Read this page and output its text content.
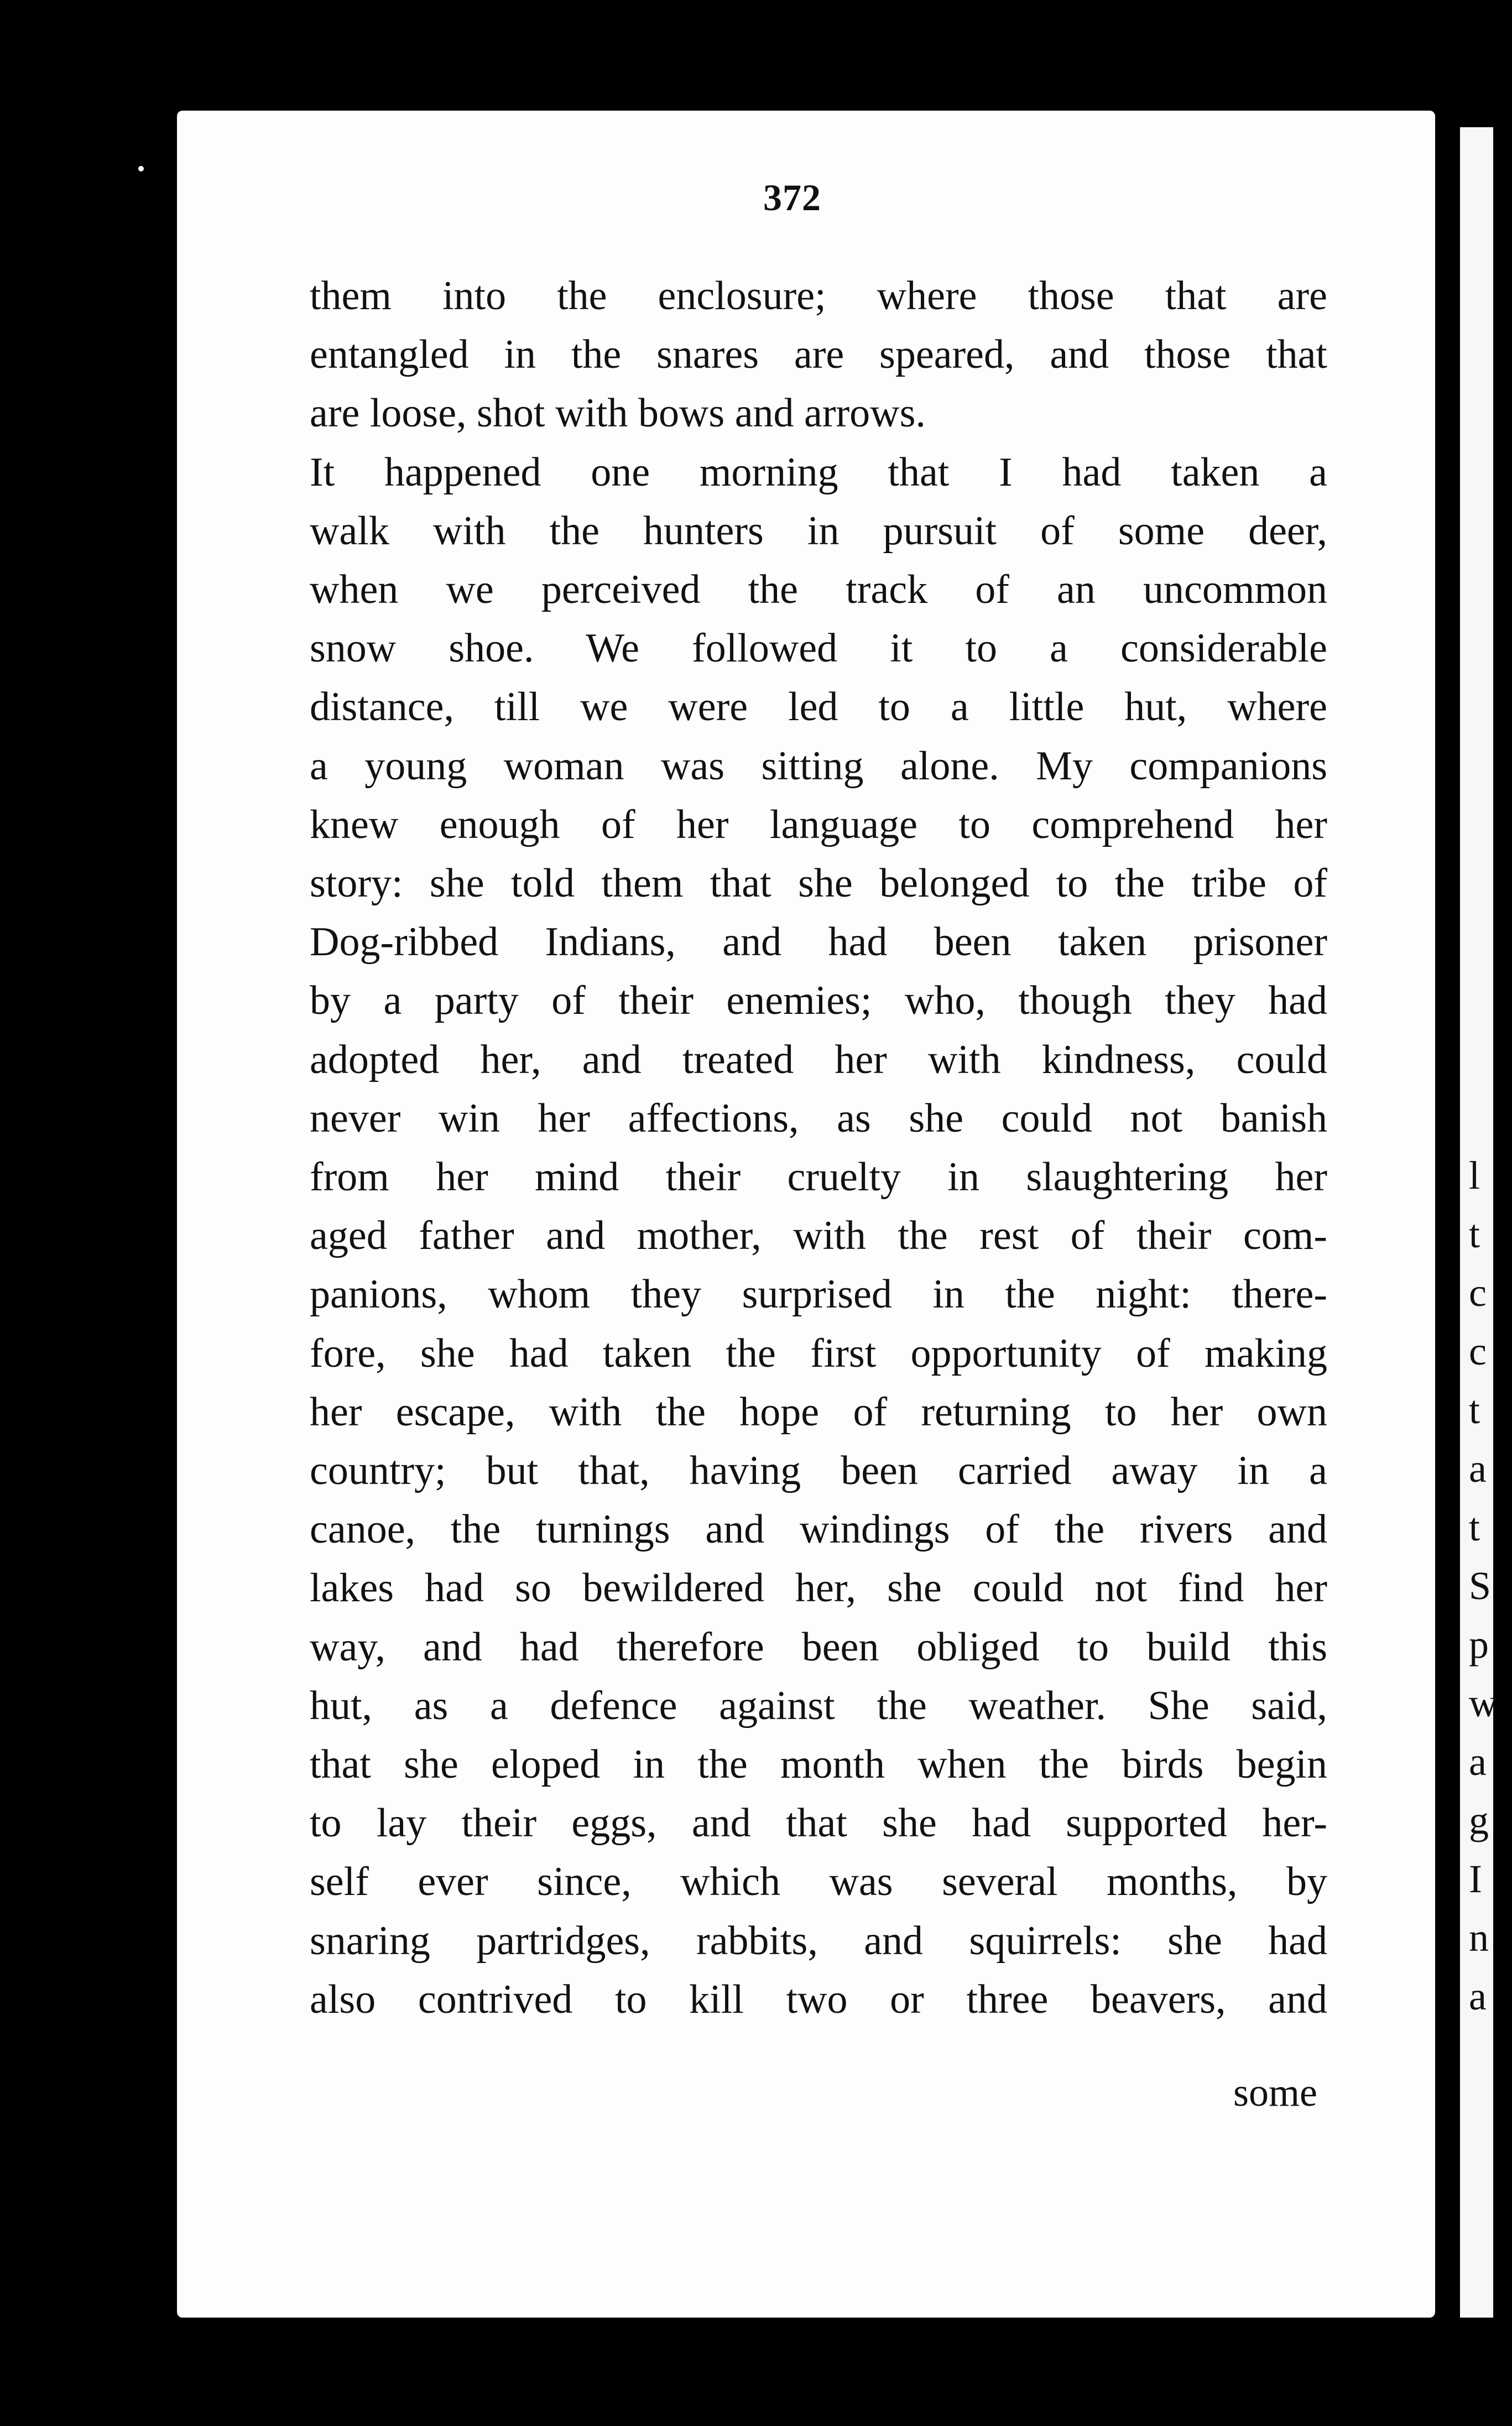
372
them into the enclosure; where those that are
entangled in the snares are speared, and those that
are loose, shot with bows and arrows.
It happened one morning that I had taken a
walk with the hunters in pursuit of some deer,
when we perceived the track of an uncommon
snow shoe. We followed it to a considerable
distance, till we were led to a little hut, where
a young woman was sitting alone. My companions
knew enough of her language to comprehend her
story: she told them that she belonged to the tribe of
Dog-ribbed Indians, and had been taken prisoner
by a party of their enemies; who, though they had
adopted her, and treated her with kindness, could
never win her affections, as she could not banish
from her mind their cruelty in slaughtering her
aged father and mother, with the rest of their com-
panions, whom they surprised in the night: there-
fore, she had taken the first opportunity of making
her escape, with the hope of returning to her own
country; but that, having been carried away in a
canoe, the turnings and windings of the rivers and
lakes had so bewildered her, she could not find her
way, and had therefore been obliged to build this
hut, as a defence against the weather. She said,
that she eloped in the month when the birds begin
to lay their eggs, and that she had supported her-
self ever since, which was several months, by
snaring partridges, rabbits, and squirrels: she had
also contrived to kill two or three beavers, and
some
l
t
c
c
t
a
t
S
p
w
a
g
I
n
a
